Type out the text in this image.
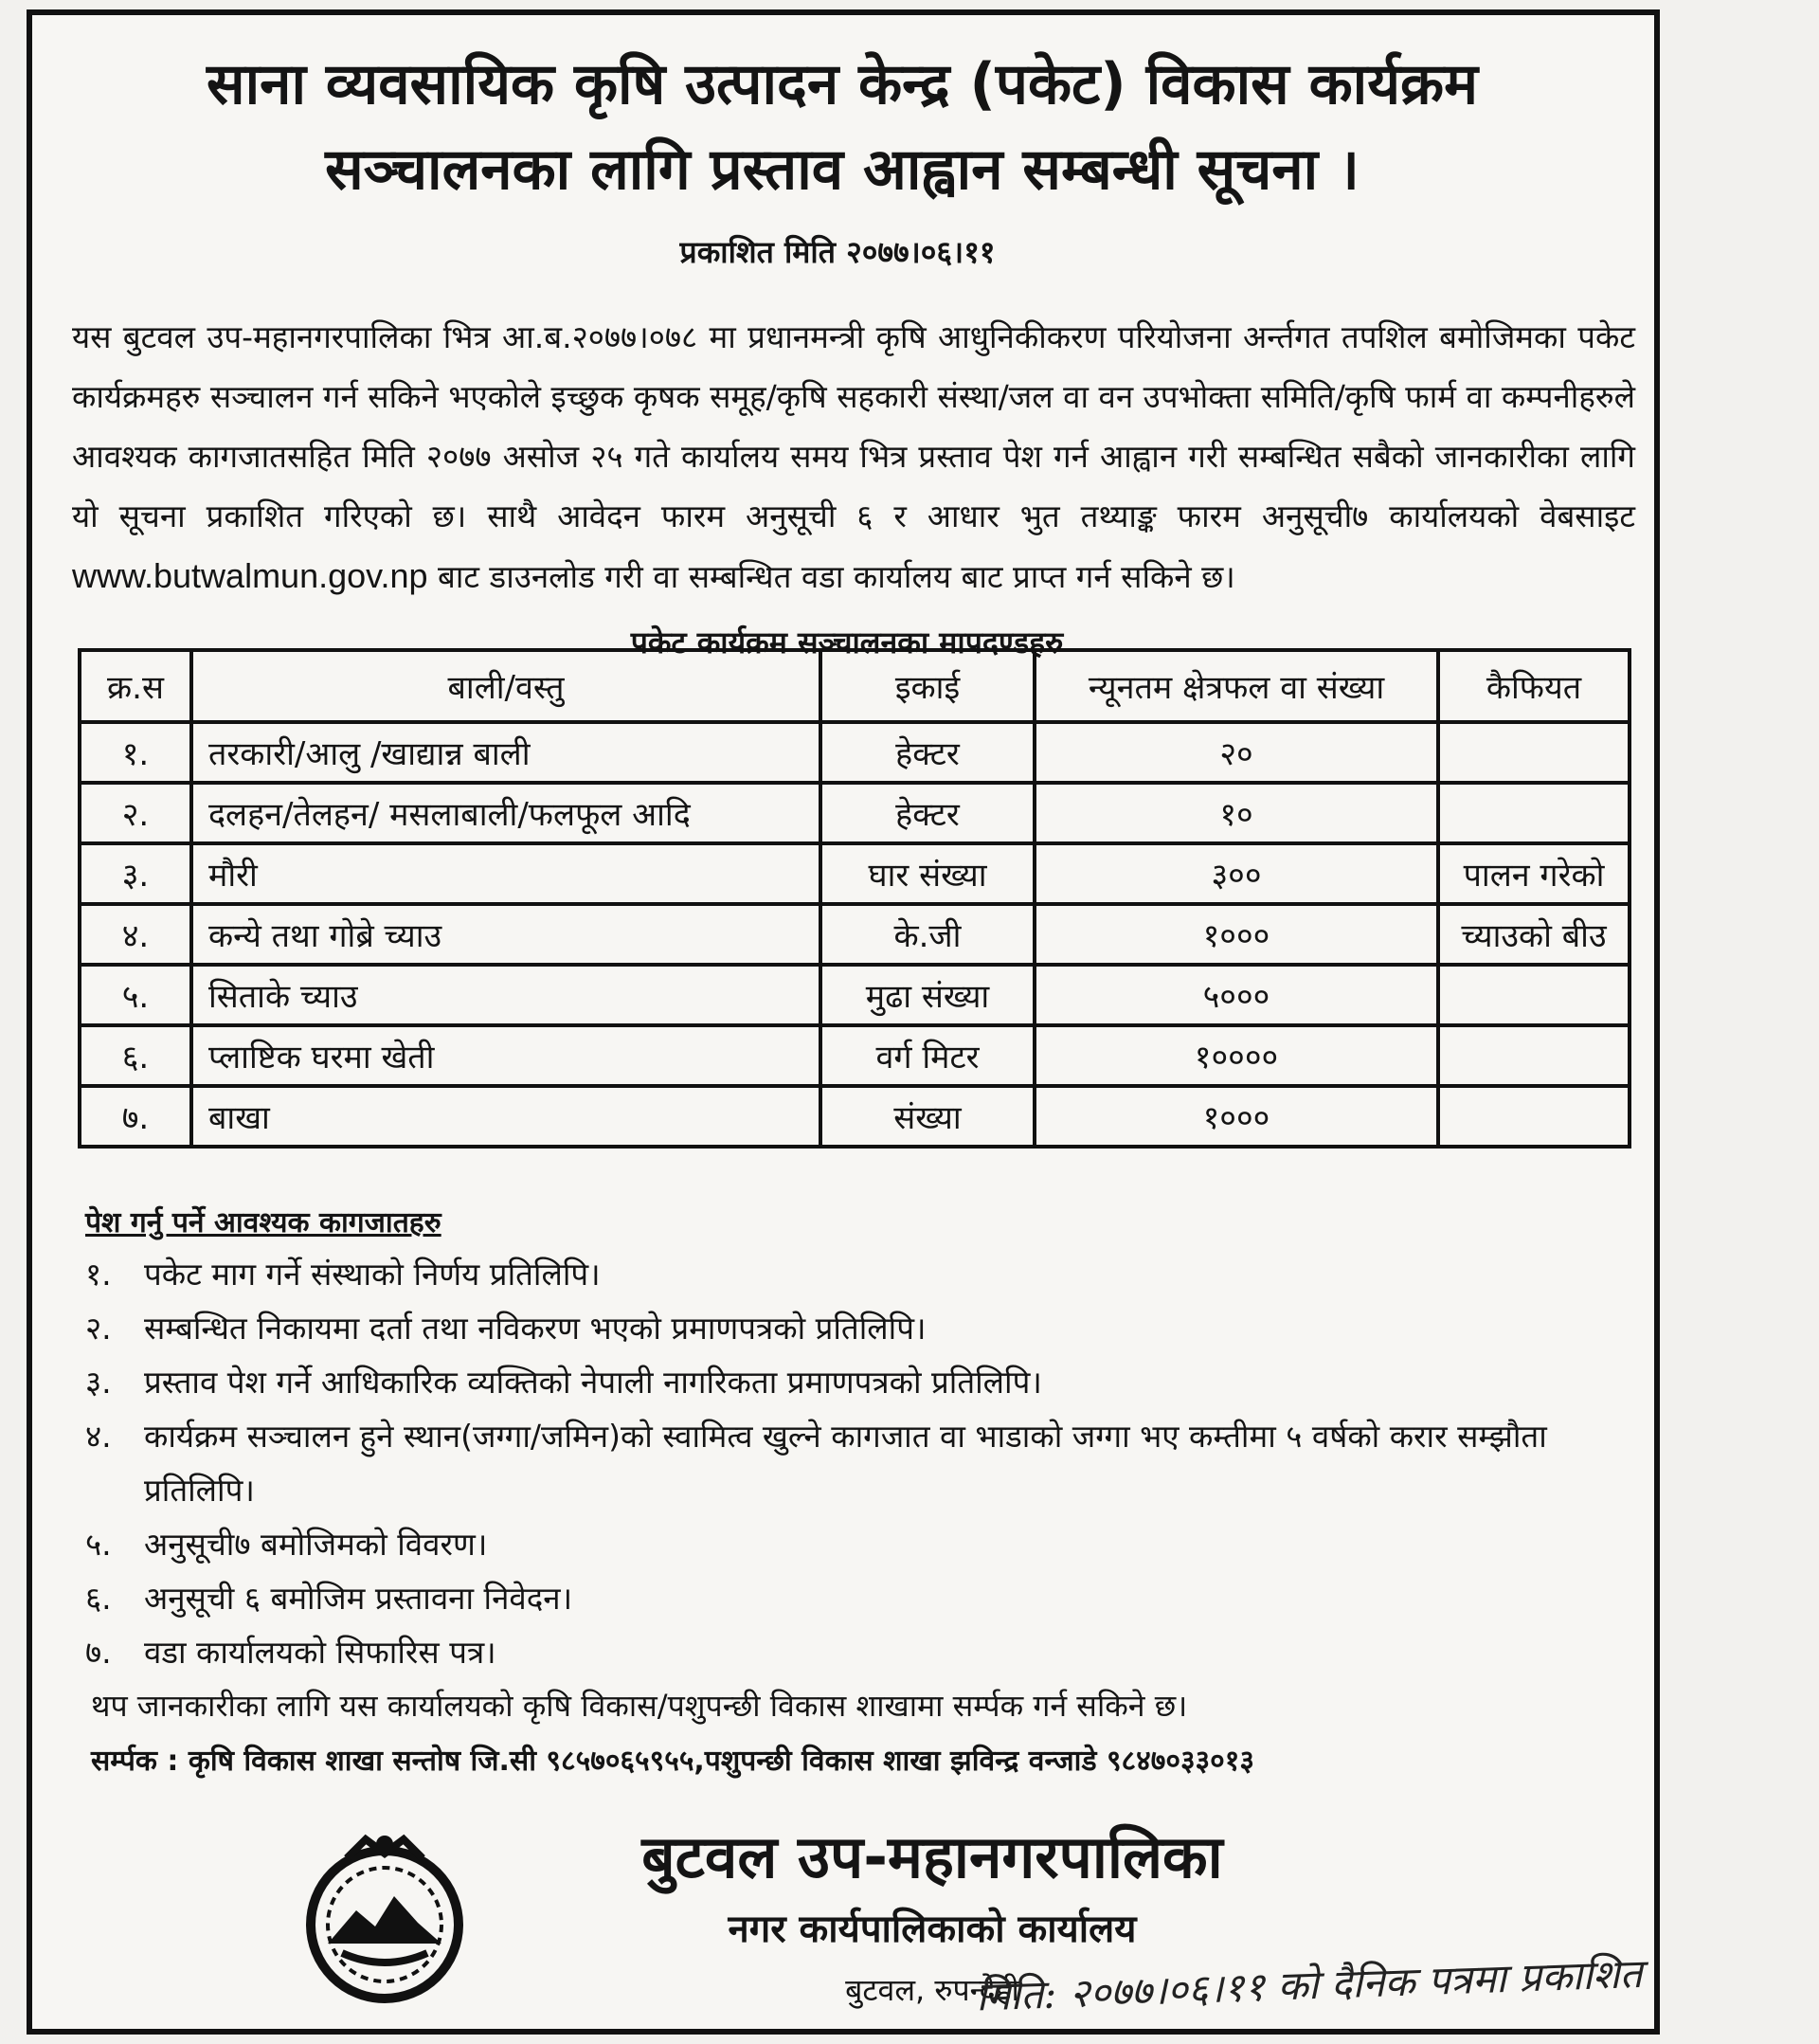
साना व्यवसायिक कृषि उत्पादन केन्द्र (पकेट) विकास कार्यक्रम
सञ्चालनका लागि प्रस्ताव आह्वान सम्बन्धी सूचना ।
प्रकाशित मिति २०७७।०६।११

यस बुटवल उप-महानगरपालिका भित्र आ.ब.२०७७।०७८ मा प्रधानमन्त्री कृषि आधुनिकीकरण परियोजना अर्न्तगत तपशिल बमोजिमका पकेट कार्यक्रमहरु सञ्चालन गर्न सकिने भएकोले इच्छुक कृषक समूह/कृषि सहकारी संस्था/जल वा वन उपभोक्ता समिति/कृषि फार्म वा कम्पनीहरुले आवश्यक कागजातसहित मिति २०७७ असोज २५ गते कार्यालय समय भित्र प्रस्ताव पेश गर्न आह्वान गरी सम्बन्धित सबैको जानकारीका लागि यो सूचना प्रकाशित गरिएको छ। साथै आवेदन फारम अनुसूची ६ र आधार भुत तथ्याङ्क फारम अनुसूची७ कार्यालयको वेबसाइट www.butwalmun.gov.np बाट डाउनलोड गरी वा सम्बन्धित वडा कार्यालय बाट प्राप्त गर्न सकिने छ।

पकेट कार्यक्रम सञ्चालनका मापदण्डहरु
क्र.स	बाली/वस्तु	इकाई	न्यूनतम क्षेत्रफल वा संख्या	कैफियत
१.	तरकारी/आलु /खाद्यान्न बाली	हेक्टर	२०	
२.	दलहन/तेलहन/ मसलाबाली/फलफूल आदि	हेक्टर	१०	
३.	मौरी	घार संख्या	३००	पालन गरेको
४.	कन्ये तथा गोब्रे च्याउ	के.जी	१०००	च्याउको बीउ
५.	सिताके च्याउ	मुढा संख्या	५०००	
६.	प्लाष्टिक घरमा खेती	वर्ग मिटर	१००००	
७.	बाखा	संख्या	१०००	
पेश गर्नु पर्ने आवश्यक कागजातहरु
१.	पकेट माग गर्ने संस्थाको निर्णय प्रतिलिपि।
२.	सम्बन्धित निकायमा दर्ता तथा नविकरण भएको प्रमाणपत्रको प्रतिलिपि।
३.	प्रस्ताव पेश गर्ने आधिकारिक व्यक्तिको नेपाली नागरिकता प्रमाणपत्रको प्रतिलिपि।
४.	कार्यक्रम सञ्चालन हुने स्थान(जग्गा/जमिन)को स्वामित्व खुल्ने कागजात वा भाडाको जग्गा भए कम्तीमा ५ वर्षको करार सम्झौता प्रतिलिपि।
५.	अनुसूची७ बमोजिमको विवरण।
६.	अनुसूची ६ बमोजिम प्रस्तावना निवेदन।
७.	वडा कार्यालयको सिफारिस पत्र।
थप जानकारीका लागि यस कार्यालयको कृषि विकास/पशुपन्छी विकास शाखामा सर्म्पक गर्न सकिने छ।
सर्म्पक : कृषि विकास शाखा सन्तोष जि.सी ९८५७०६५९५५,पशुपन्छी विकास शाखा झविन्द्र वन्जाडे ९८४७०३३०१३
बुटवल उप-महानगरपालिका
नगर कार्यपालिकाको कार्यालय
बुटवल, रुपन्देही
मिति: २०७७।०६।११ को दैनिक पत्रमा प्रकाशित
